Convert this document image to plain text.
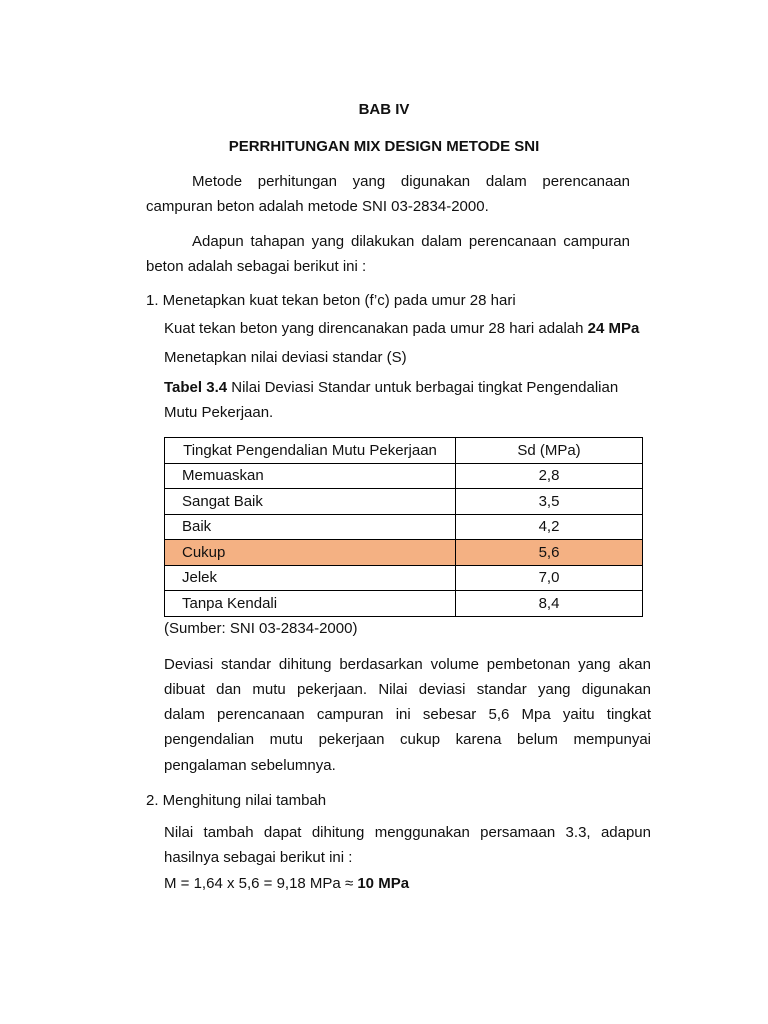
BAB IV

PERRHITUNGAN MIX DESIGN METODE SNI

Metode perhitungan yang digunakan dalam perencanaan

campuran beton adalah metode SNI 03-2834-2000.

Adapun tahapan yang dilakukan dalam perencanaan campuran

beton adalah sebagai berikut ini :

1. Menetapkan kuat tekan beton (f’c) pada umur 28 hari

Kuat tekan beton yang direncanakan pada umur 28 hari adalah 24 MPa

Menetapkan nilai deviasi standar (S)

Tabel 3.4 Nilai Deviasi Standar untuk berbagai tingkat Pengendalian

Mutu Pekerjaan.

Tingkat Pengendalian Mutu Pekerjaan	Sd (MPa)
Memuaskan	2,8
Sangat Baik	3,5
Baik	4,2
Cukup	5,6
Jelek	7,0
Tanpa Kendali	8,4

(Sumber: SNI 03-2834-2000)

Deviasi standar dihitung berdasarkan volume pembetonan yang akan
dibuat dan mutu pekerjaan. Nilai deviasi standar yang digunakan
dalam perencanaan campuran ini sebesar 5,6 Mpa yaitu tingkat
pengendalian mutu pekerjaan cukup karena belum mempunyai

pengalaman sebelumnya.

2. Menghitung nilai tambah

Nilai tambah dapat dihitung menggunakan persamaan 3.3, adapun

hasilnya sebagai berikut ini :

M = 1,64 x 5,6 = 9,18 MPa ≈ 10 MPa
